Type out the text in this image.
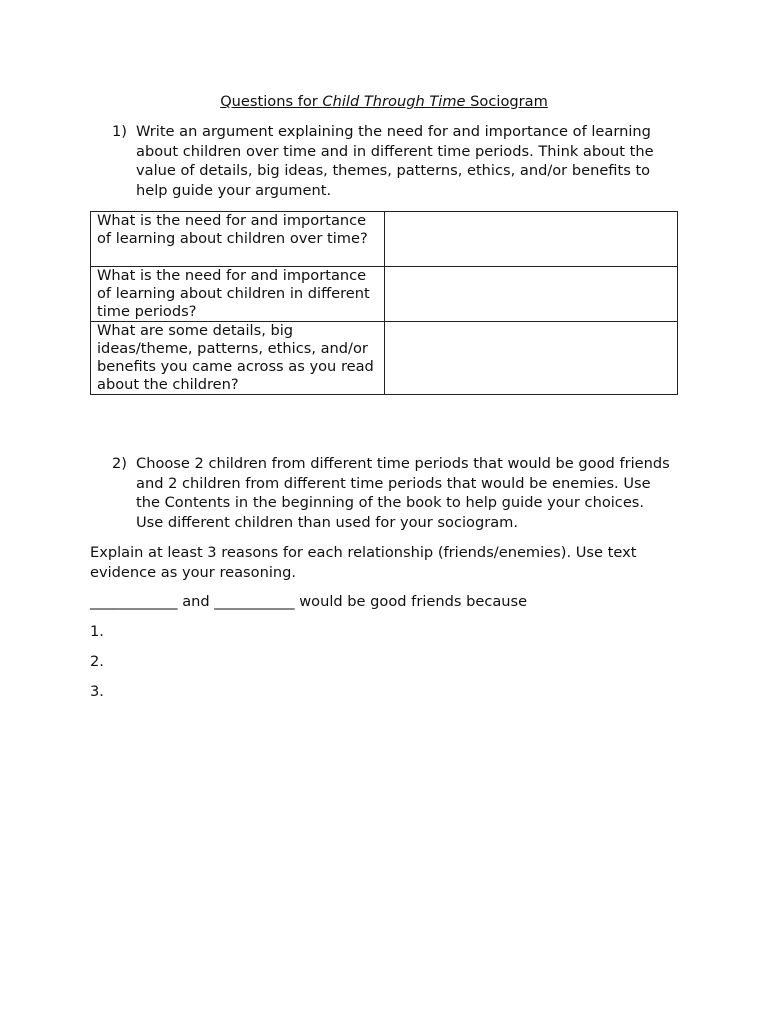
Questions for Child Through Time Sociogram
1) Write an argument explaining the need for and importance of learning about children over time and in different time periods. Think about the value of details, big ideas, themes, patterns, ethics, and/or benefits to help guide your argument.
What is the need for and importance of learning about children over time?	
What is the need for and importance of learning about children in different time periods?	
What are some details, big ideas/theme, patterns, ethics, and/or benefits you came across as you read about the children?	
2) Choose 2 children from different time periods that would be good friends and 2 children from different time periods that would be enemies. Use the Contents in the beginning of the book to help guide your choices. Use different children than used for your sociogram.
Explain at least 3 reasons for each relationship (friends/enemies). Use text evidence as your reasoning.
____________ and ___________ would be good friends because
1.
2.
3.
